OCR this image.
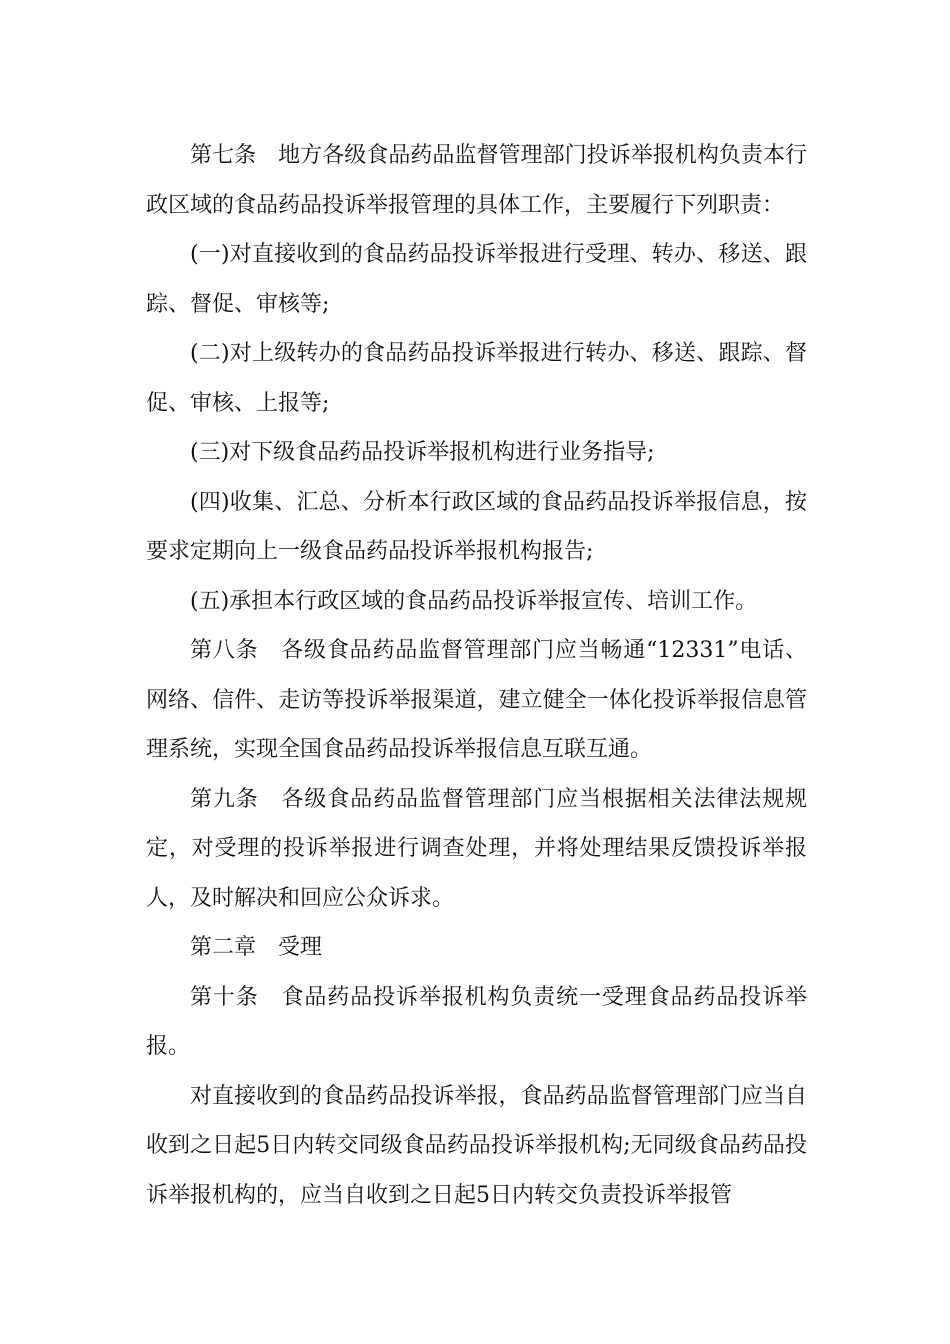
第七条　地方各级食品药品监督管理部门投诉举报机构负责本行政区域的食品药品投诉举报管理的具体工作，主要履行下列职责：

(一)对直接收到的食品药品投诉举报进行受理、转办、移送、跟踪、督促、审核等;

(二)对上级转办的食品药品投诉举报进行转办、移送、跟踪、督促、审核、上报等;

(三)对下级食品药品投诉举报机构进行业务指导;

(四)收集、汇总、分析本行政区域的食品药品投诉举报信息，按要求定期向上一级食品药品投诉举报机构报告;

(五)承担本行政区域的食品药品投诉举报宣传、培训工作。

第八条　各级食品药品监督管理部门应当畅通“12331”电话、网络、信件、走访等投诉举报渠道，建立健全一体化投诉举报信息管理系统，实现全国食品药品投诉举报信息互联互通。

第九条　各级食品药品监督管理部门应当根据相关法律法规规定，对受理的投诉举报进行调查处理，并将处理结果反馈投诉举报人，及时解决和回应公众诉求。

第二章　受理

第十条　食品药品投诉举报机构负责统一受理食品药品投诉举报。

对直接收到的食品药品投诉举报，食品药品监督管理部门应当自收到之日起5日内转交同级食品药品投诉举报机构;无同级食品药品投诉举报机构的，应当自收到之日起5日内转交负责投诉举报管
